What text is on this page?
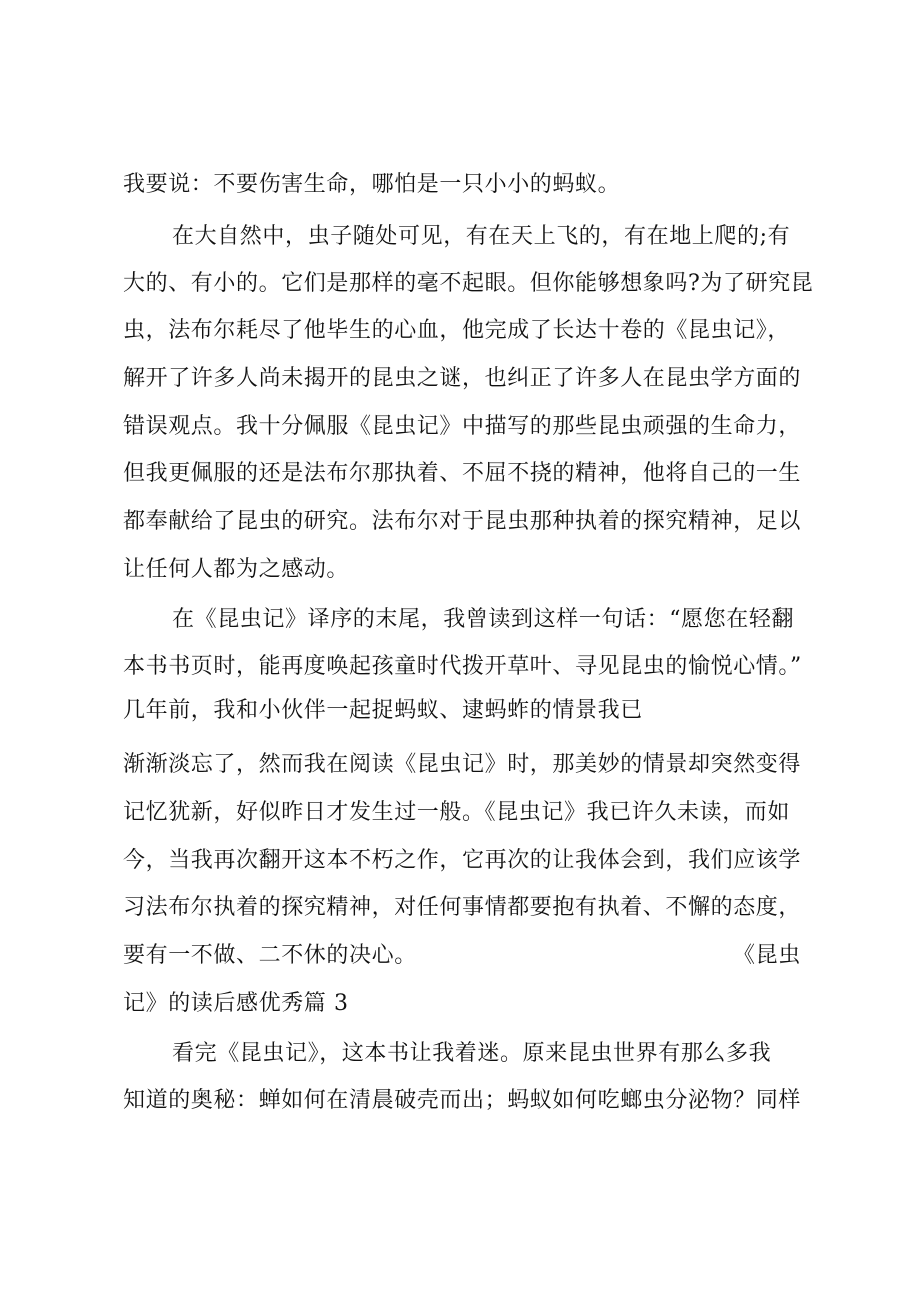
我要说：不要伤害生命，哪怕是一只小小的蚂蚁。
在大自然中，虫子随处可见，有在天上飞的，有在地上爬的;有
大的、有小的。它们是那样的毫不起眼。但你能够想象吗?为了研究昆
虫，法布尔耗尽了他毕生的心血，他完成了长达十卷的《昆虫记》，
解开了许多人尚未揭开的昆虫之谜，也纠正了许多人在昆虫学方面的
错误观点。我十分佩服《昆虫记》中描写的那些昆虫顽强的生命力，
但我更佩服的还是法布尔那执着、不屈不挠的精神，他将自己的一生
都奉献给了昆虫的研究。法布尔对于昆虫那种执着的探究精神，足以
让任何人都为之感动。
在《昆虫记》译序的末尾，我曾读到这样一句话：“愿您在轻翻
本书书页时，能再度唤起孩童时代拨开草叶、寻见昆虫的愉悦心情。”
几年前，我和小伙伴一起捉蚂蚁、逮蚂蚱的情景我已
渐渐淡忘了，然而我在阅读《昆虫记》时，那美妙的情景却突然变得
记忆犹新，好似昨日才发生过一般。《昆虫记》我已许久未读，而如
今，当我再次翻开这本不朽之作，它再次的让我体会到，我们应该学
习法布尔执着的探究精神，对任何事情都要抱有执着、不懈的态度，
要有一不做、二不休的决心。	《昆虫
记》的读后感优秀篇 3
看完《昆虫记》，这本书让我着迷。原来昆虫世界有那么多我
知道的奥秘：蝉如何在清晨破壳而出；蚂蚁如何吃螂虫分泌物？同样
